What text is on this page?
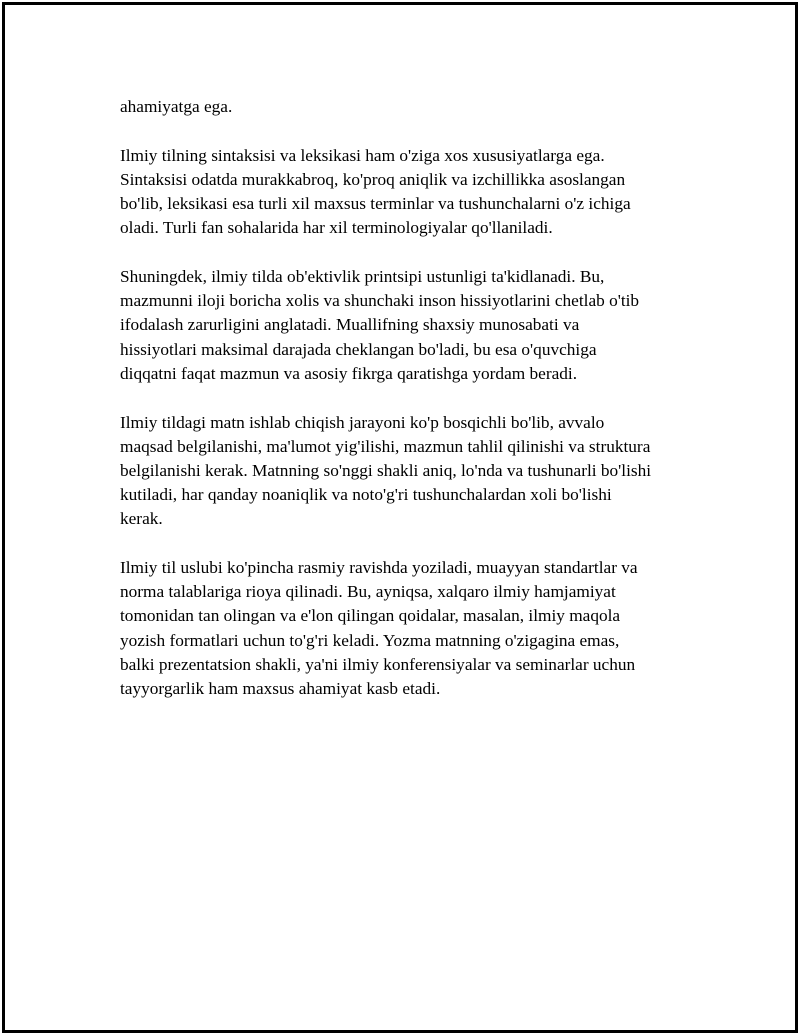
ahamiyatga ega.

Ilmiy tilning sintaksisi va leksikasi ham o'ziga xos xususiyatlarga ega.
Sintaksisi odatda murakkabroq, ko'proq aniqlik va izchillikka asoslangan
bo'lib, leksikasi esa turli xil maxsus terminlar va tushunchalarni o'z ichiga
oladi. Turli fan sohalarida har xil terminologiyalar qo'llaniladi.

Shuningdek, ilmiy tilda ob'ektivlik printsipi ustunligi ta'kidlanadi. Bu,
mazmunni iloji boricha xolis va shunchaki inson hissiyotlarini chetlab o'tib
ifodalash zarurligini anglatadi. Muallifning shaxsiy munosabati va
hissiyotlari maksimal darajada cheklangan bo'ladi, bu esa o'quvchiga
diqqatni faqat mazmun va asosiy fikrga qaratishga yordam beradi.

Ilmiy tildagi matn ishlab chiqish jarayoni ko'p bosqichli bo'lib, avvalo
maqsad belgilanishi, ma'lumot yig'ilishi, mazmun tahlil qilinishi va struktura
belgilanishi kerak. Matnning so'nggi shakli aniq, lo'nda va tushunarli bo'lishi
kutiladi, har qanday noaniqlik va noto'g'ri tushunchalardan xoli bo'lishi
kerak.

Ilmiy til uslubi ko'pincha rasmiy ravishda yoziladi, muayyan standartlar va
norma talablariga rioya qilinadi. Bu, ayniqsa, xalqaro ilmiy hamjamiyat
tomonidan tan olingan va e'lon qilingan qoidalar, masalan, ilmiy maqola
yozish formatlari uchun to'g'ri keladi. Yozma matnning o'zigagina emas,
balki prezentatsion shakli, ya'ni ilmiy konferensiyalar va seminarlar uchun
tayyorgarlik ham maxsus ahamiyat kasb etadi.
